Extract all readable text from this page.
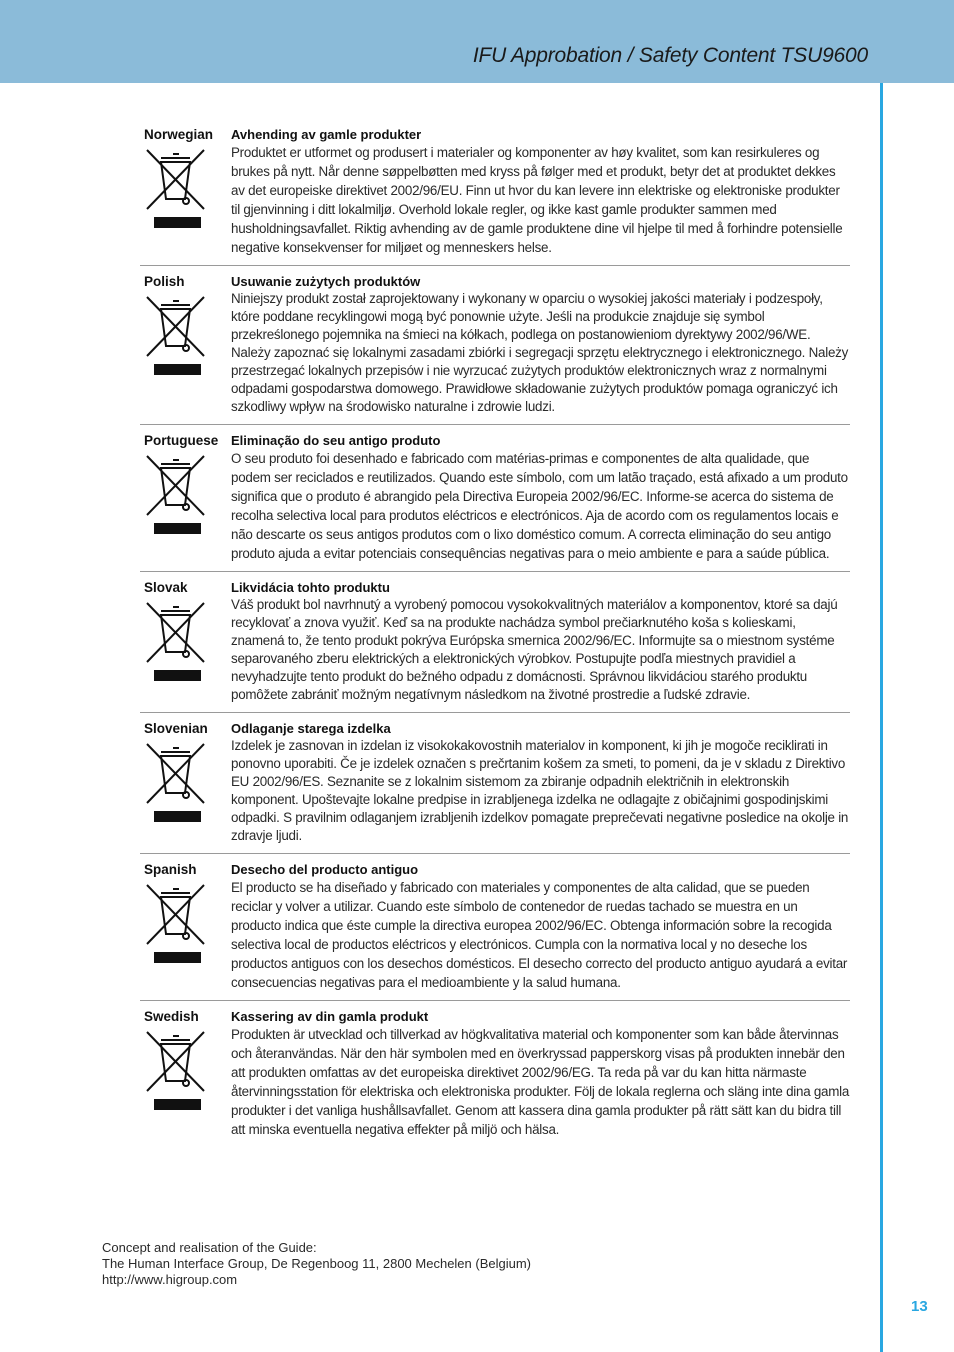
IFU Approbation / Safety Content TSU9600
Norwegian	Avhending av gamle produkter
Produktet er utformet og produsert i materialer og komponenter av høy kvalitet, som kan resirkuleres og brukes på nytt. Når denne søppelbøtten med kryss på følger med et produkt, betyr det at produktet dekkes av det europeiske direktivet 2002/96/EU. Finn ut hvor du kan levere inn elektriske og elektroniske produkter til gjenvinning i ditt lokalmiljø. Overhold lokale regler, og ikke kast gamle produkter sammen med husholdningsavfallet. Riktig avhending av de gamle produktene dine vil hjelpe til med å forhindre potensielle negative konsekvenser for miljøet og menneskers helse.
Polish	Usuwanie zużytych produktów
Niniejszy produkt został zaprojektowany i wykonany w oparciu o wysokiej jakości materiały i podzespoły, które poddane recyklingowi mogą być ponownie użyte. Jeśli na produkcie znajduje się symbol przekreślonego pojemnika na śmieci na kółkach, podlega on postanowieniom dyrektywy 2002/96/WE. Należy zapoznać się lokalnymi zasadami zbiórki i segregacji sprzętu elektrycznego i elektronicznego. Należy przestrzegać lokalnych przepisów i nie wyrzucać zużytych produktów elektronicznych wraz z normalnymi odpadami gospodarstwa domowego. Prawidłowe składowanie zużytych produktów pomaga ograniczyć ich szkodliwy wpływ na środowisko naturalne i zdrowie ludzi.
Portuguese Eliminação do seu antigo produto
O seu produto foi desenhado e fabricado com matérias-primas e componentes de alta qualidade, que podem ser reciclados e reutilizados. Quando este símbolo, com um latão traçado, está afixado a um produto significa que o produto é abrangido pela Directiva Europeia 2002/96/EC. Informe-se acerca do sistema de recolha selectiva local para produtos eléctricos e electrónicos. Aja de acordo com os regulamentos locais e não descarte os seus antigos produtos com o lixo doméstico comum. A correcta eliminação do seu antigo produto ajuda a evitar potenciais consequências negativas para o meio ambiente e para a saúde pública.
Slovak	Likvidácia tohto produktu
Váš produkt bol navrhnutý a vyrobený pomocou vysokokvalitných materiálov a komponentov, ktoré sa dajú recyklovať a znova využiť. Keď sa na produkte nachádza symbol prečiarknutého koša s kolieskami, znamená to, že tento produkt pokrýva Európska smernica 2002/96/EC. Informujte sa o miestnom systéme separovaného zberu elektrických a elektronických výrobkov. Postupujte podľa miestnych pravidiel a nevyhadzujte tento produkt do bežného odpadu z domácnosti. Správnou likvidáciou starého produktu pomôžete zabrániť možným negatívnym následkom na životné prostredie a ľudské zdravie.
Slovenian	Odlaganje starega izdelka
Izdelek je zasnovan in izdelan iz visokokakovostnih materialov in komponent, ki jih je mogoče reciklirati in ponovno uporabiti. Če je izdelek označen s prečrtanim košem za smeti, to pomeni, da je v skladu z Direktivo EU 2002/96/ES. Seznanite se z lokalnim sistemom za zbiranje odpadnih električnih in elektronskih komponent. Upoštevajte lokalne predpise in izrabljenega izdelka ne odlagajte z običajnimi gospodinjskimi odpadki. S pravilnim odlaganjem izrabljenih izdelkov pomagate preprečevati negativne posledice na okolje in zdravje ljudi.
Spanish	Desecho del producto antiguo
El producto se ha diseñado y fabricado con materiales y componentes de alta calidad, que se pueden reciclar y volver a utilizar. Cuando este símbolo de contenedor de ruedas tachado se muestra en un producto indica que éste cumple la directiva europea 2002/96/EC. Obtenga información sobre la recogida selectiva local de productos eléctricos y electrónicos. Cumpla con la normativa local y no deseche los productos antiguos con los desechos domésticos. El desecho correcto del producto antiguo ayudará a evitar consecuencias negativas para el medioambiente y la salud humana.
Swedish	Kassering av din gamla produkt
Produkten är utvecklad och tillverkad av högkvalitativa material och komponenter som kan både återvinnas och återanvändas. När den här symbolen med en överkryssad papperskorg visas på produkten innebär den att produkten omfattas av det europeiska direktivet 2002/96/EG. Ta reda på var du kan hitta närmaste återvinningsstation för elektriska och elektroniska produkter. Följ de lokala reglerna och släng inte dina gamla produkter i det vanliga hushållsavfallet. Genom att kassera dina gamla produkter på rätt sätt kan du bidra till att minska eventuella negativa effekter på miljö och hälsa.
Concept and realisation of the Guide:
The Human Interface Group, De Regenboog 11, 2800 Mechelen (Belgium)
http://www.higroup.com
13
